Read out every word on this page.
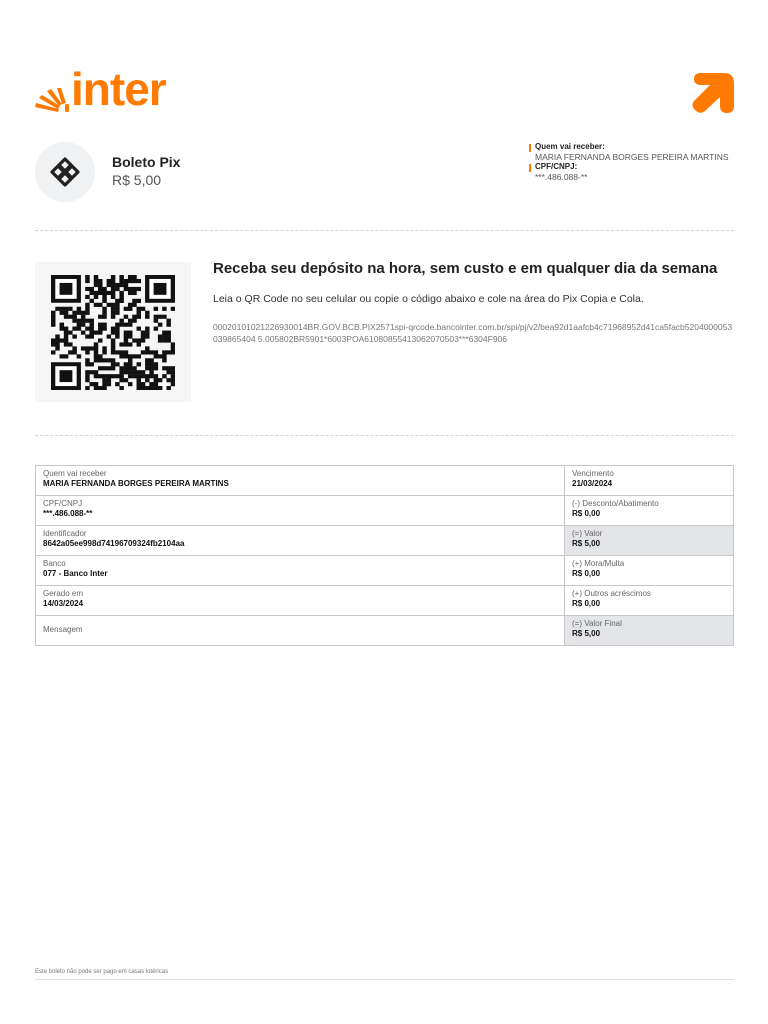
inter
Boleto Pix
R$ 5,00
Quem vai receber:
MARIA FERNANDA BORGES PEREIRA MARTINS
CPF/CNPJ:
***.486.088-**
Receba seu depósito na hora, sem custo e em qualquer dia da semana
Leia o QR Code no seu celular ou copie o código abaixo e cole na área do Pix Copia e Cola.
00020101021226930014BR.GOV.BCB.PIX2571spi-qrcode.bancointer.com.br/spi/pj/v2/bea92d1aafcb4c71968952d41ca5facb5204000053039865404 5.005802BR5901*6003POA61080855413062070503***6304F906
Quem vai receber
MARIA FERNANDA BORGES PEREIRA MARTINS
Vencimento
21/03/2024
CPF/CNPJ
***.486.088-**
(-) Desconto/Abatimento
R$ 0,00
Identificador
8642a05ee998d74196709324fb2104aa
(=) Valor
R$ 5,00
Banco
077 - Banco Inter
(+) Mora/Multa
R$ 0,00
Gerado em
14/03/2024
(+) Outros acréscimos
R$ 0,00
Mensagem
(=) Valor Final
R$ 5,00
Este boleto não pode ser pago em casas lotéricas
